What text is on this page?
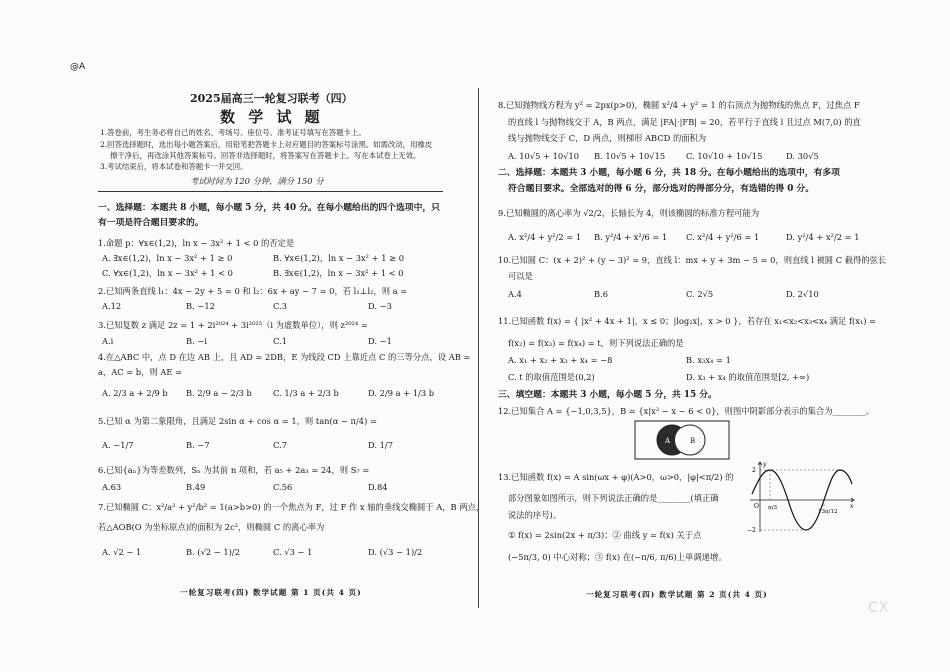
@A
CX
2025届高三一轮复习联考（四）
数 学 试 题
1.答卷前，考生务必将自己的姓名、考场号、座位号、准考证号填写在答题卡上。
2.回答选择题时，选出每小题答案后，用铅笔把答题卡上对应题目的答案标号涂黑。如需改动，用橡皮
擦干净后，再选涂其他答案标号。回答非选择题时，将答案写在答题卡上。写在本试卷上无效。
3.考试结束后，将本试卷和答题卡一并交回。
考试时间为 120 分钟，满分 150 分
一、选择题：本题共 8 小题，每小题 5 分，共 40 分。在每小题给出的四个选项中，只
有一项是符合题目要求的。
1.命题 p：∀x∈(1,2)，ln x − 3x² + 1 < 0 的否定是
A. ∃x∈(1,2)，ln x − 3x² + 1 ≥ 0	B. ∀x∈(1,2)，ln x − 3x² + 1 ≥ 0
C. ∀x∈(1,2)，ln x − 3x² + 1 < 0	B. ∃x∈(1,2)，ln x − 3x² + 1 < 0
2.已知两条直线 l₁：4x − 2y + 5 = 0 和 l₂：6x + ay − 7 = 0，若 l₁⊥l₂，则 a =
A.12	B. −12	C.3	D. −3
3.已知复数 z 满足 2z = 1 + 2i²⁰²⁴ + 3i²⁰²⁵（i 为虚数单位），则 z²⁰²⁴ =
A.i	B. −i	C.1	D. −1
4.在△ABC 中，点 D 在边 AB 上，且 AD = 2DB，E 为线段 CD 上靠近点 C 的三等分点，设 AB =
a，AC = b，则 AE =
A. 2/3 a + 2/9 b B. 2/9 a − 2/3 b	C. 1/3 a + 2/3 b	D. 2/9 a + 1/3 b
5.已知 α 为第二象限角，且满足 2sin α + cos α = 1，则 tan(α − π/4) =
A. −1/7	B. −7	C.7	D. 1/7
6.已知{aₙ}为等差数列，Sₙ 为其前 n 项和，若 a₅ + 2a₃ = 24，则 S₇ =
A.63	B.49	C.56	D.84
7.已知椭圆 C：x²/a² + y²/b² = 1(a>b>0) 的一个焦点为 F，过 F 作 x 轴的垂线交椭圆于 A，B 两点，
若△AOB(O 为坐标原点)的面积为 2c²，则椭圆 C 的离心率为
A. √2 − 1	B. (√2 − 1)/2	C. √3 − 1	D. (√3 − 1)/2
一轮复习联考(四) 数学试题 第 1 页(共 4 页)
8.已知抛物线方程为 y² = 2px(p>0)，椭圆 x²/4 + y² = 1 的右顶点为抛物线的焦点 F，过焦点 F
的直线 l 与抛物线交于 A，B 两点，满足 |FA|·|FB| = 20，若平行于直线 l 且过点 M(7,0) 的直
线与抛物线交于 C，D 两点，则梯形 ABCD 的面积为
A. 10√5 + 10√10 B. 10√5 + 10√15	C. 10√10 + 10√15	D. 30√5
二、选择题：本题共 3 小题，每小题 6 分，共 18 分。在每小题给出的选项中，有多项
符合题目要求。全部选对的得 6 分，部分选对的得部分分，有选错的得 0 分。
9.已知椭圆的离心率为 √2/2，长轴长为 4，则该椭圆的标准方程可能为
A. x²/4 + y²/2 = 1 B. y²/4 + x²/6 = 1 C. x²/4 + y²/6 = 1	D. y²/4 + x²/2 = 1
10.已知圆 C：(x + 2)² + (y − 3)² = 9，直线 l：mx + y + 3m − 5 = 0，则直线 l 被圆 C 截得的弦长
可以是
A.4	B.6	C. 2√5	D. 2√10
11.已知函数 f(x) = { |x² + 4x + 1|，x ≤ 0；|log₂x|，x > 0 }，若存在 x₁<x₂<x₃<x₄ 满足 f(x₁) =
f(x₂) = f(x₃) = f(x₄) = t，则下列说法正确的是
A. x₁ + x₂ + x₃ + x₄ = −8	B. x₃x₄ = 1
C. t 的取值范围是(0,2)	D. x₃ + x₄ 的取值范围是[2, +∞)
三、填空题：本题共 3 小题，每小题 5 分，共 15 分。
12.已知集合 A = {−1,0,3,5}，B = {x|x² − x − 6 < 0}，则图中阴影部分表示的集合为________。
A	B
13.已知函数 f(x) = A sin(ωx + φ)(A>0，ω>0，|φ|<π/2) 的
部分图象如图所示，则下列说法正确的是________(填正确
说法的序号)。
① f(x) = 2sin(2x + π/3)；② 曲线 y = f(x) 关于点
(−5π/3, 0) 中心对称；③ f(x) 在(−π/6, π/6)上单调递增。
2
−2
π/3
13π/12
O	x
y
一轮复习联考(四) 数学试题 第 2 页(共 4 页)
